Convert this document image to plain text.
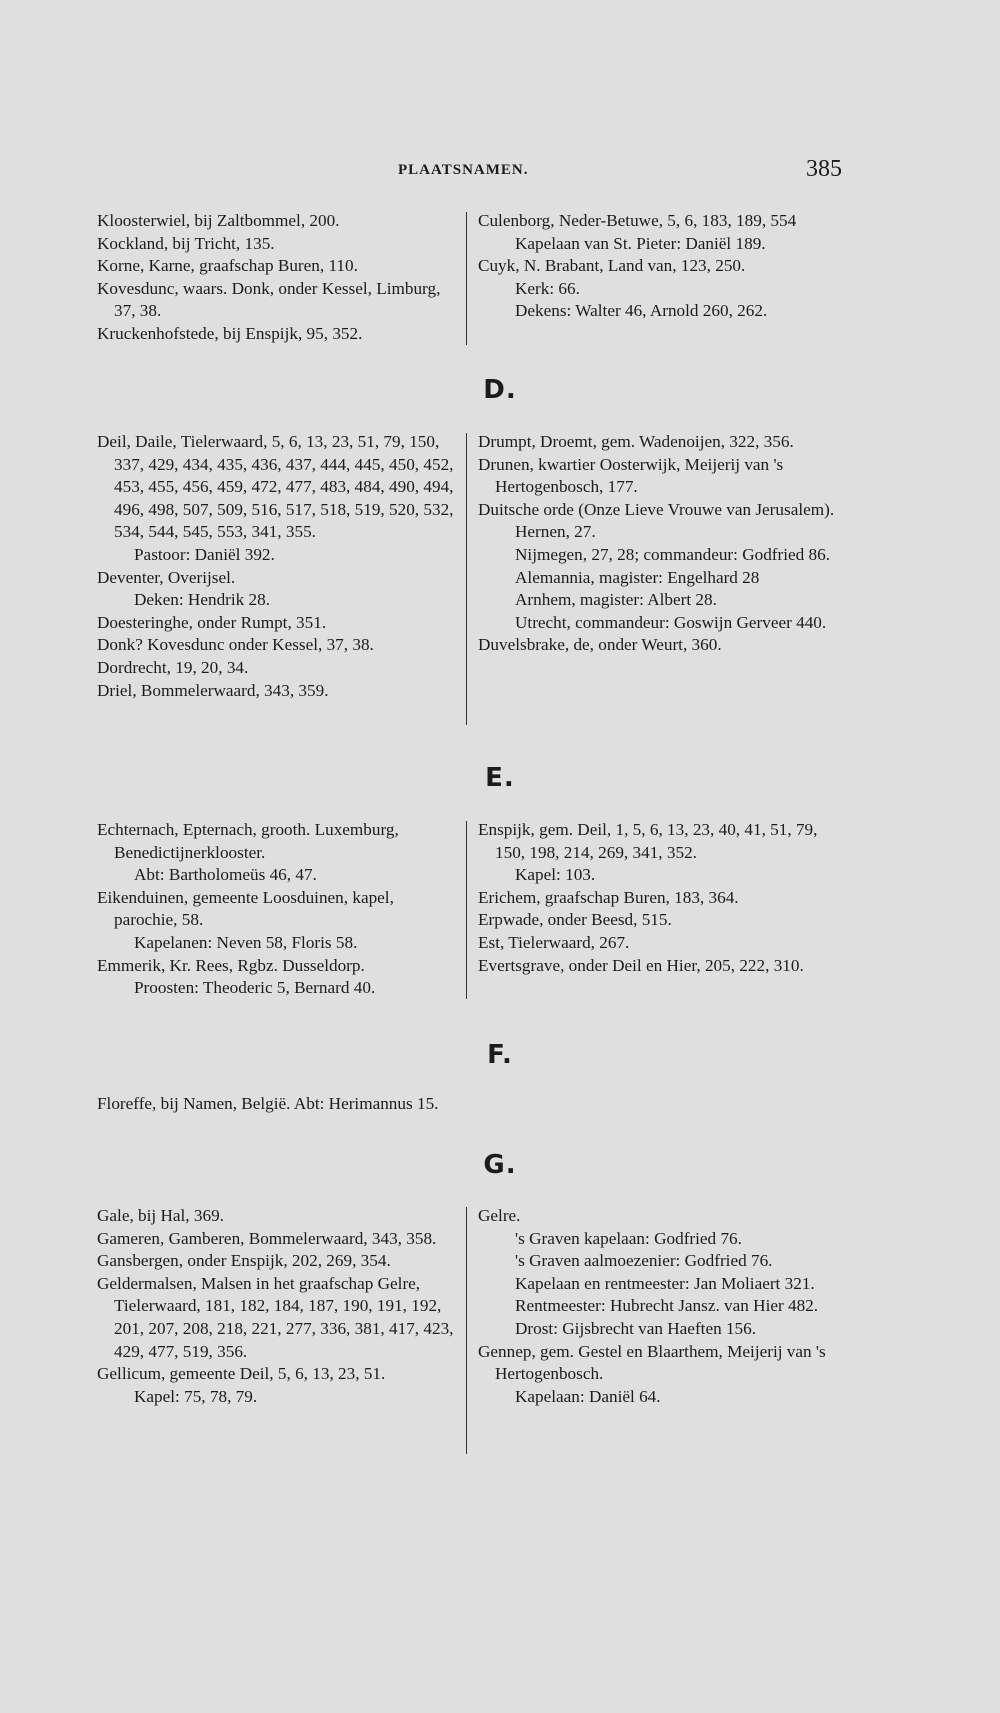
PLAATSNAMEN.	385

Kloosterwiel, bij Zaltbommel, 200.

Kockland, bij Tricht, 135.

Korne, Karne, graafschap Buren, 110.

Kovesdunc, waars. Donk, onder Kessel, Limburg, 37, 38.

Kruckenhofstede, bij Enspijk, 95, 352.

Culenborg, Neder-Betuwe, 5, 6, 183, 189, 554

Kapelaan van St. Pieter: Daniël 189.

Cuyk, N. Brabant, Land van, 123, 250.

Kerk: 66.

Dekens: Walter 46, Arnold 260, 262.

D.

Deil, Daile, Tielerwaard, 5, 6, 13, 23, 51, 79, 150, 337, 429, 434, 435, 436, 437, 444, 445, 450, 452, 453, 455, 456, 459, 472, 477, 483, 484, 490, 494, 496, 498, 507, 509, 516, 517, 518, 519, 520, 532, 534, 544, 545, 553, 341, 355.

Pastoor: Daniël 392.

Deventer, Overijsel.

Deken: Hendrik 28.

Doesteringhe, onder Rumpt, 351.

Donk? Kovesdunc onder Kessel, 37, 38.

Dordrecht, 19, 20, 34.

Driel, Bommelerwaard, 343, 359.

Drumpt, Droemt, gem. Wadenoijen, 322, 356.

Drunen, kwartier Oosterwijk, Meijerij van 's Hertogenbosch, 177.

Duitsche orde (Onze Lieve Vrouwe van Jerusalem).

Hernen, 27.

Nijmegen, 27, 28; commandeur: Godfried 86.

Alemannia, magister: Engelhard 28

Arnhem, magister: Albert 28.

Utrecht, commandeur: Goswijn Gerveer 440.

Duvelsbrake, de, onder Weurt, 360.

E.

Echternach, Epternach, grooth. Luxemburg, Benedictijnerklooster.

Abt: Bartholomeüs 46, 47.

Eikenduinen, gemeente Loosduinen, kapel, parochie, 58.

Kapelanen: Neven 58, Floris 58.

Emmerik, Kr. Rees, Rgbz. Dusseldorp.

Proosten: Theoderic 5, Bernard 40.

Enspijk, gem. Deil, 1, 5, 6, 13, 23, 40, 41, 51, 79, 150, 198, 214, 269, 341, 352.

Kapel: 103.

Erichem, graafschap Buren, 183, 364.

Erpwade, onder Beesd, 515.

Est, Tielerwaard, 267.

Evertsgrave, onder Deil en Hier, 205, 222, 310.

F.
Floreffe, bij Namen, België. Abt: Herimannus 15.
G.

Gale, bij Hal, 369.

Gameren, Gamberen, Bommelerwaard, 343, 358.

Gansbergen, onder Enspijk, 202, 269, 354.

Geldermalsen, Malsen in het graafschap Gelre, Tielerwaard, 181, 182, 184, 187, 190, 191, 192, 201, 207, 208, 218, 221, 277, 336, 381, 417, 423, 429, 477, 519, 356.

Gellicum, gemeente Deil, 5, 6, 13, 23, 51.

Kapel: 75, 78, 79.

Gelre.

's Graven kapelaan: Godfried 76.

's Graven aalmoezenier: Godfried 76.

Kapelaan en rentmeester: Jan Moliaert 321.

Rentmeester: Hubrecht Jansz. van Hier 482.

Drost: Gijsbrecht van Haeften 156.

Gennep, gem. Gestel en Blaarthem, Meijerij van 's Hertogenbosch.

Kapelaan: Daniël 64.
